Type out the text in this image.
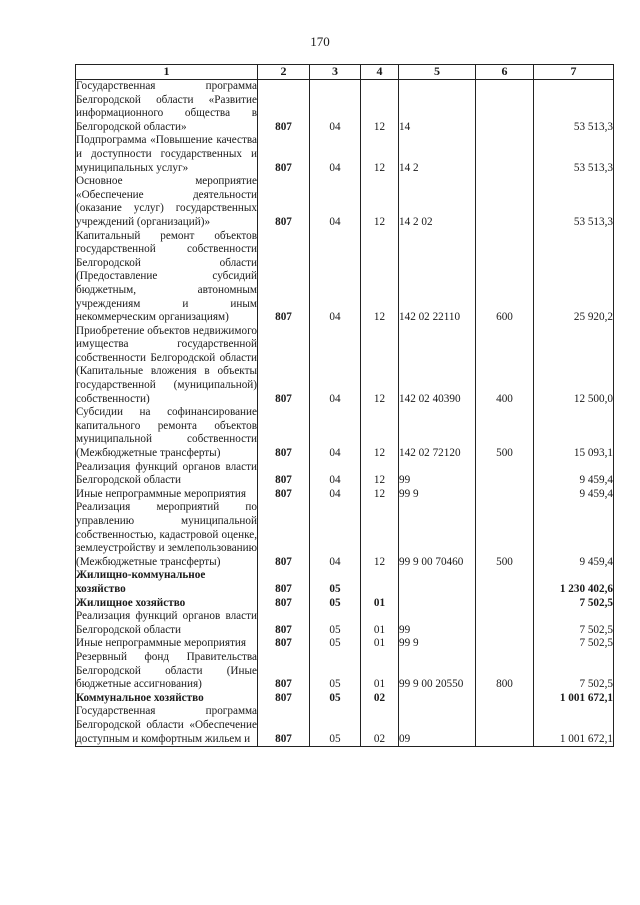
170
1	2	3	4	5	6	7
Государственная программа Белгородской области «Развитие информационного общества в Белгородской области»	807	04	12	14		53 513,3
Подпрограмма «Повышение качества и доступности государственных и муниципальных услуг»	807	04	12	14 2		53 513,3
Основное мероприятие «Обеспечение деятельности (оказание услуг) государственных учреждений (организаций)»	807	04	12	14 2 02		53 513,3
Капитальный ремонт объектов государственной собственности Белгородской области (Предоставление субсидий бюджетным, автономным учреждениям и иным некоммерческим организациям)	807	04	12	142 02 22110	600	25 920,2
Приобретение объектов недвижимого имущества государственной собственности Белгородской области (Капитальные вложения в объекты государственной (муниципальной) собственности)	807	04	12	142 02 40390	400	12 500,0
Субсидии на софинансирование капитального ремонта объектов муниципальной собственности (Межбюджетные трансферты)	807	04	12	142 02 72120	500	15 093,1
Реализация функций органов власти Белгородской области	807	04	12	99		9 459,4
Иные непрограммные мероприятия	807	04	12	99 9		9 459,4
Реализация мероприятий по управлению муниципальной собственностью, кадастровой оценке, землеустройству и землепользованию (Межбюджетные трансферты)	807	04	12	99 9 00 70460	500	9 459,4
Жилищно-коммунальное хозяйство	807	05				1 230 402,6
Жилищное хозяйство	807	05	01			7 502,5
Реализация функций органов власти Белгородской области	807	05	01	99		7 502,5
Иные непрограммные мероприятия	807	05	01	99 9		7 502,5
Резервный фонд Правительства Белгородской области (Иные бюджетные ассигнования)	807	05	01	99 9 00 20550	800	7 502,5
Коммунальное хозяйство	807	05	02			1 001 672,1
Государственная программа Белгородской области «Обеспечение доступным и комфортным жильем и	807	05	02	09		1 001 672,1
